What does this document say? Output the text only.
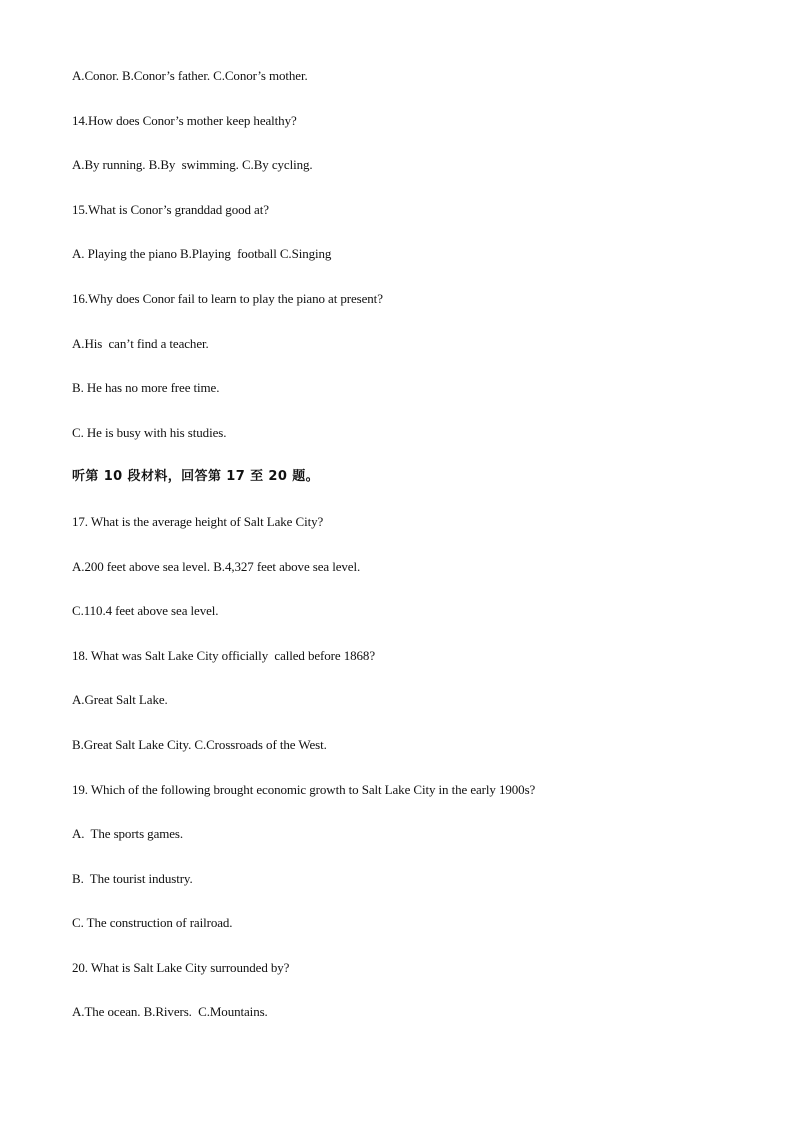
A.Conor. B.Conor’s father. C.Conor’s mother.
14.How does Conor’s mother keep healthy?
A.By running. B.By  swimming. C.By cycling.
15.What is Conor’s granddad good at?
A. Playing the piano B.Playing  football C.Singing
16.Why does Conor fail to learn to play the piano at present?
A.His  can’t find a teacher.
B. He has no more free time.
C. He is busy with his studies.
听第 10 段材料，回答第 17 至 20 题。
17. What is the average height of Salt Lake City?
A.200 feet above sea level. B.4,327 feet above sea level.
C.110.4 feet above sea level.
18. What was Salt Lake City officially  called before 1868?
A.Great Salt Lake.
B.Great Salt Lake City. C.Crossroads of the West.
19. Which of the following brought economic growth to Salt Lake City in the early 1900s?
A.  The sports games.
B.  The tourist industry.
C. The construction of railroad.
20. What is Salt Lake City surrounded by?
A.The ocean. B.Rivers.  C.Mountains.
